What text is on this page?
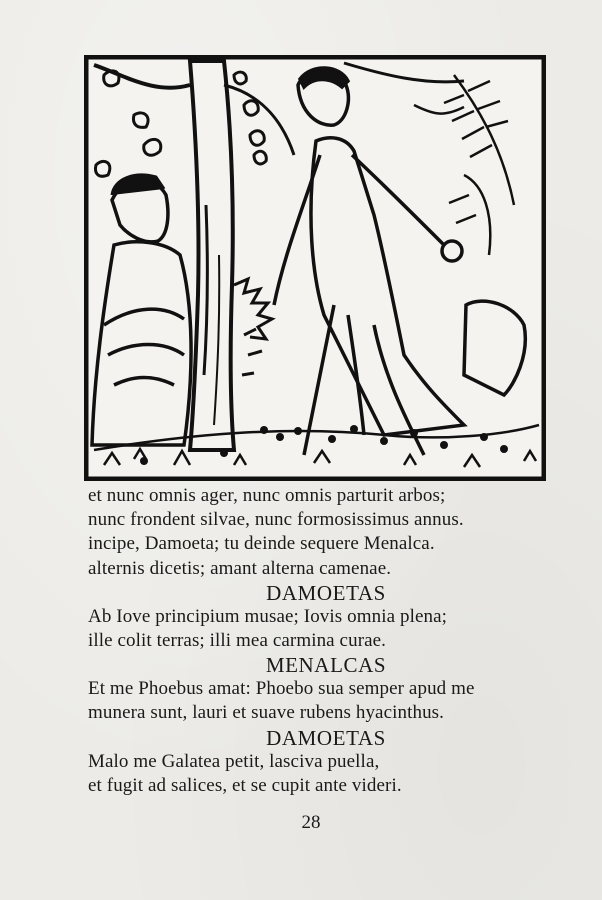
et nunc omnis ager, nunc omnis parturit arbos;
nunc frondent silvae, nunc formosissimus annus.
incipe, Damoeta; tu deinde sequere Menalca.
alternis dicetis; amant alterna camenae.
DAMOETAS
Ab Iove principium musae; Iovis omnia plena;
ille colit terras; illi mea carmina curae.
MENALCAS
Et me Phoebus amat: Phoebo sua semper apud me
munera sunt, lauri et suave rubens hyacinthus.
DAMOETAS
Malo me Galatea petit, lasciva puella,
et fugit ad salices, et se cupit ante videri.
28
